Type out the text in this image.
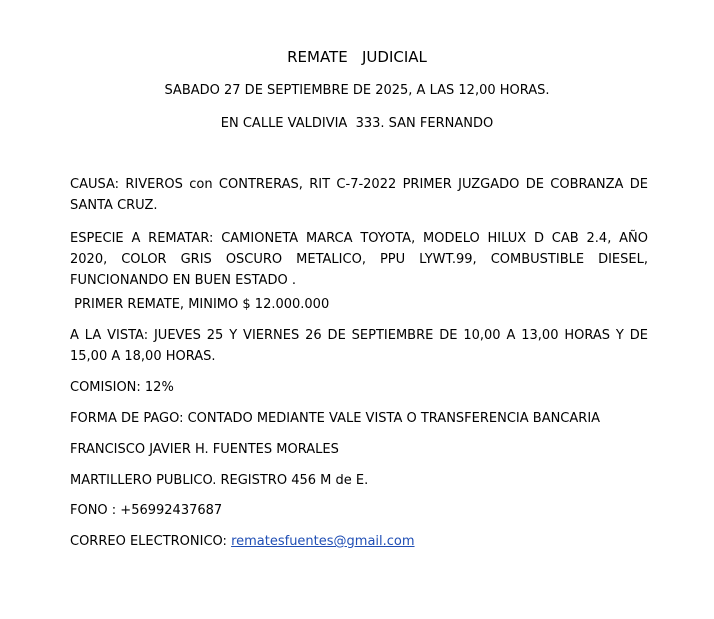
REMATE   JUDICIAL
SABADO 27 DE SEPTIEMBRE DE 2025, A LAS 12,00 HORAS.
EN CALLE VALDIVIA  333. SAN FERNANDO

CAUSA: RIVEROS con CONTRERAS, RIT C-7-2022 PRIMER JUZGADO DE COBRANZA DE SANTA CRUZ.

ESPECIE A REMATAR: CAMIONETA MARCA TOYOTA, MODELO HILUX D CAB 2.4, AÑO 2020, COLOR GRIS OSCURO METALICO, PPU LYWT.99, COMBUSTIBLE DIESEL, FUNCIONANDO EN BUEN ESTADO .

PRIMER REMATE, MINIMO $ 12.000.000

A LA VISTA: JUEVES 25 Y VIERNES 26 DE SEPTIEMBRE DE 10,00 A 13,00 HORAS Y DE 15,00 A 18,00 HORAS.

COMISION: 12%

FORMA DE PAGO: CONTADO MEDIANTE VALE VISTA O TRANSFERENCIA BANCARIA

FRANCISCO JAVIER H. FUENTES MORALES

MARTILLERO PUBLICO. REGISTRO 456 M de E.

FONO : +56992437687

CORREO ELECTRONICO: rematesfuentes@gmail.com
